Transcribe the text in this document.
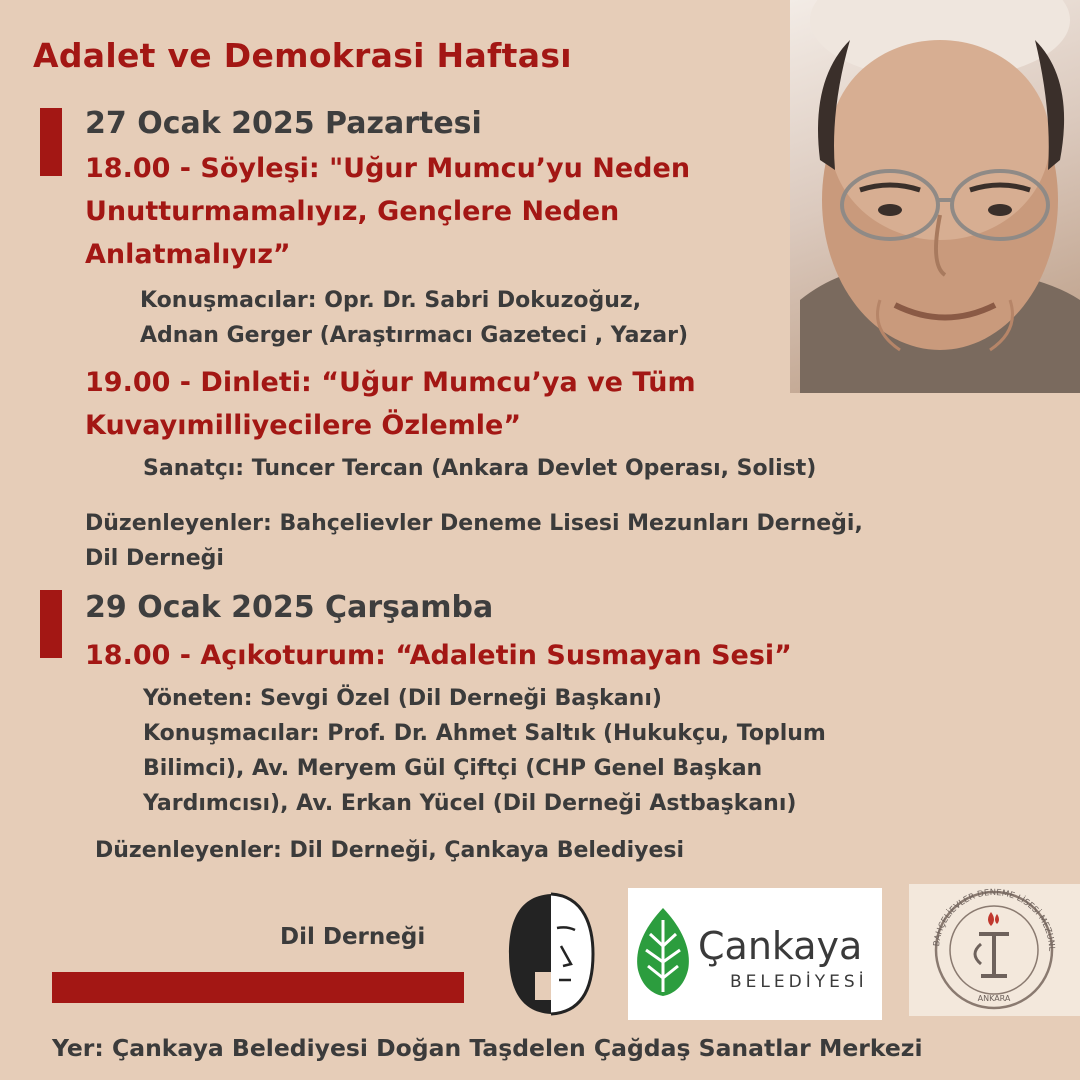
Adalet ve Demokrasi Haftası
27 Ocak 2025 Pazartesi
18.00 - Söyleşi: "Uğur Mumcu’yu Neden
Unutturmamalıyız, Gençlere Neden
Anlatmalıyız”
Konuşmacılar: Opr. Dr. Sabri Dokuzoğuz,
Adnan Gerger (Araştırmacı Gazeteci , Yazar)
19.00 - Dinleti: “Uğur Mumcu’ya ve Tüm
Kuvayımilliyecilere Özlemle”
Sanatçı: Tuncer Tercan (Ankara Devlet Operası, Solist)
Düzenleyenler: Bahçelievler Deneme Lisesi Mezunları Derneği,
Dil Derneği
29 Ocak 2025 Çarşamba
18.00 - Açıkoturum: “Adaletin Susmayan Sesi”
Yöneten: Sevgi Özel (Dil Derneği Başkanı)
Konuşmacılar: Prof. Dr. Ahmet Saltık (Hukukçu, Toplum
Bilimci), Av. Meryem Gül Çiftçi (CHP Genel Başkan
Yardımcısı), Av. Erkan Yücel (Dil Derneği Astbaşkanı)
Düzenleyenler: Dil Derneği, Çankaya Belediyesi
Dil Derneği	Çankaya
BELEDİYESİ
BAHÇELİEVLER DENEME LİSESİ MEZUNL
ANKARA
Yer: Çankaya Belediyesi Doğan Taşdelen Çağdaş Sanatlar Merkezi
